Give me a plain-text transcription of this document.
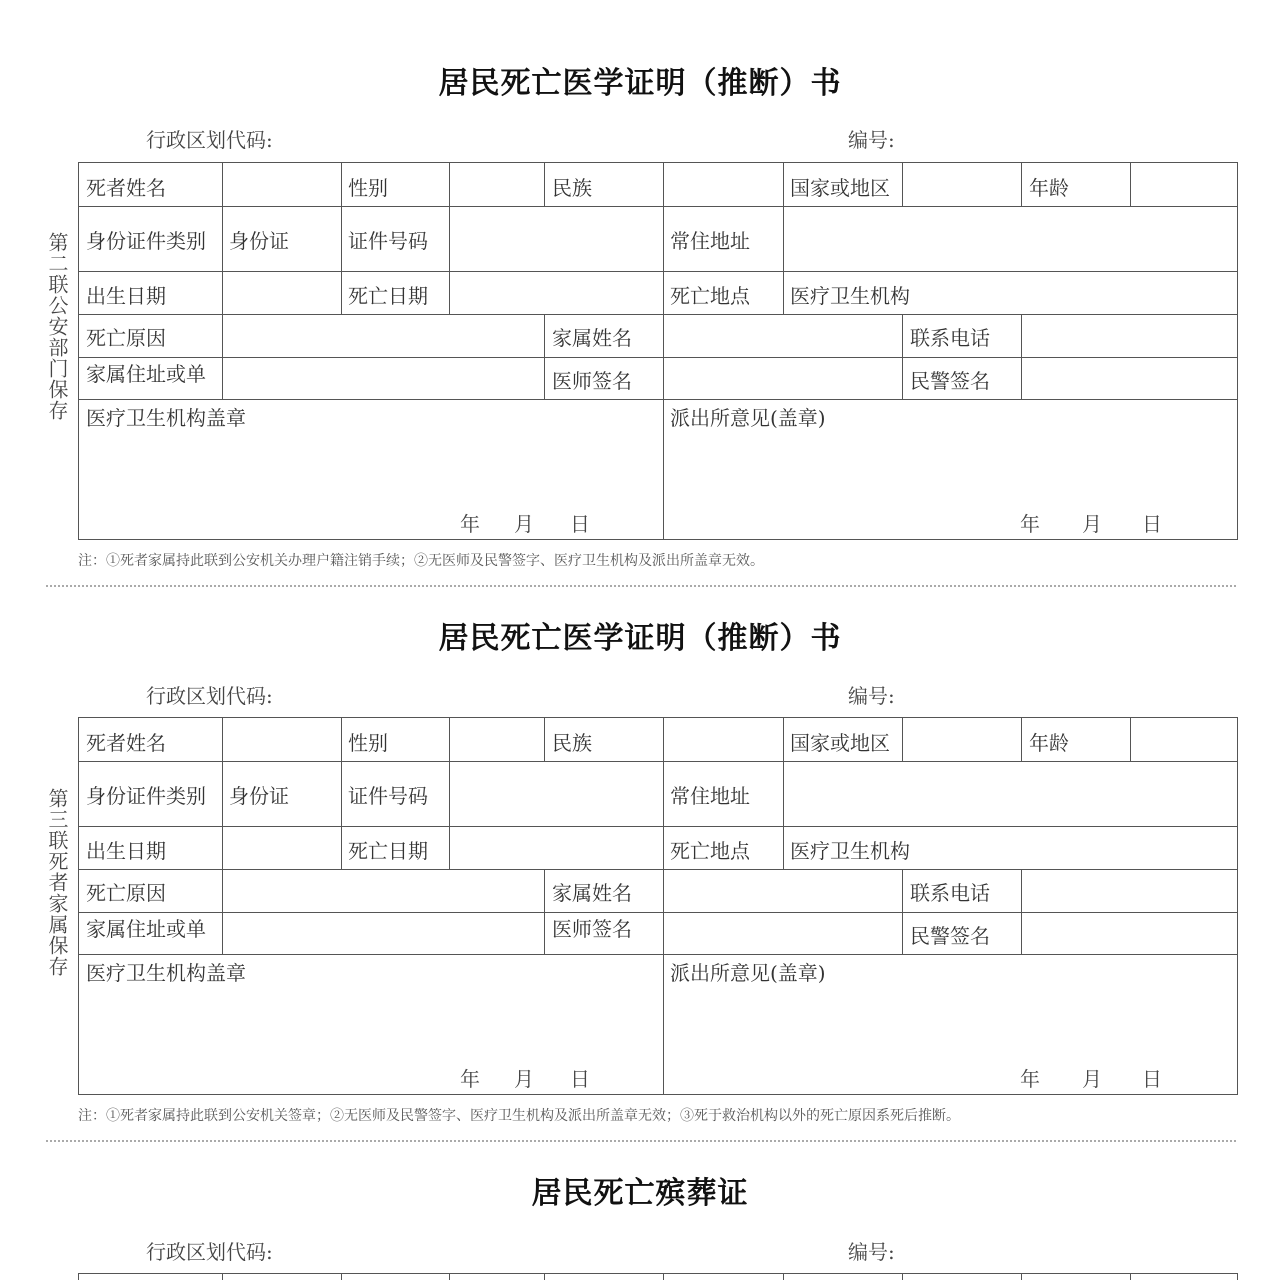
居民死亡医学证明（推断）书
行政区划代码:	编号:
第二联公安部门保存
死者姓名	性别	民族	国家或地区	年龄
身份证件类别 身份证	证件号码	常住地址
出生日期	死亡日期	死亡地点 医疗卫生机构
死亡原因	家属姓名	联系电话
家属住址或单	医师签名	民警签名
医疗卫生机构盖章	派出所意见(盖章)
年 月 日	年 月 日
注：①死者家属持此联到公安机关办理户籍注销手续；②无医师及民警签字、医疗卫生机构及派出所盖章无效。
居民死亡医学证明（推断）书
行政区划代码:	编号:
第三联死者家属保存
死者姓名	性别	民族	国家或地区	年龄
身份证件类别 身份证	证件号码	常住地址
出生日期	死亡日期	死亡地点 医疗卫生机构
死亡原因	家属姓名	联系电话
家属住址或单	医师签名	民警签名
医疗卫生机构盖章	派出所意见(盖章)
年 月 日	年 月 日
注：①死者家属持此联到公安机关签章；②无医师及民警签字、医疗卫生机构及派出所盖章无效；③死于救治机构以外的死亡原因系死后推断。
居民死亡殡葬证
行政区划代码:	编号:
